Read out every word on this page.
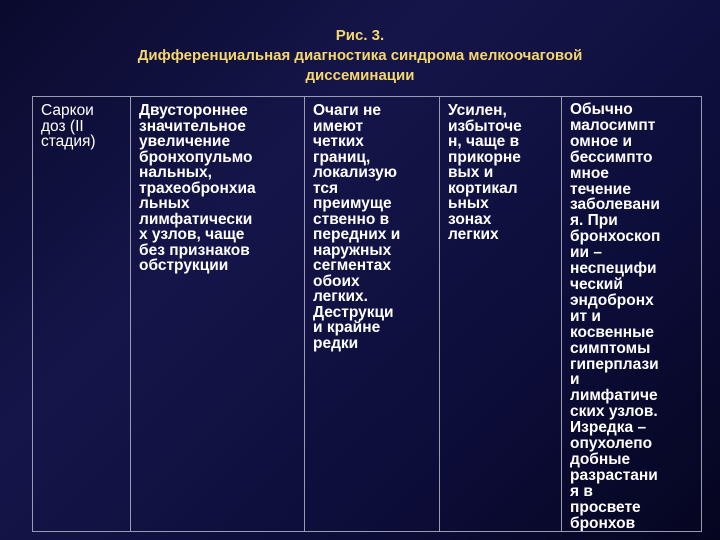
Рис. 3.
Дифференциальная диагностика синдрома мелкоочаговой
диссеминации
Саркои
доз (II
стадия)

Двустороннее
значительное
увеличение
бронхопульмо
нальных,
трахеобронхиа
льных
лимфатически
х узлов, чаще
без признаков
обструкции

Очаги не
имеют
четких
границ,
локализую
тся
преимуще
ственно в
передних и
наружных
сегментах
обоих
легких.
Деструкци
и крайне
редки

Усилен,
избыточе
н, чаще в
прикорне
вых и
кортикал
ьных
зонах
легких

Обычно
малосимпт
омное и
бессимпто
мное
течение
заболевани
я. При
бронхоскоп
ии –
неспецифи
ческий
эндобронх
ит и
косвенные
симптомы
гиперплази
и
лимфатиче
ских узлов.
Изредка –
опухолепо
добные
разрастани
я в
просвете
бронхов
